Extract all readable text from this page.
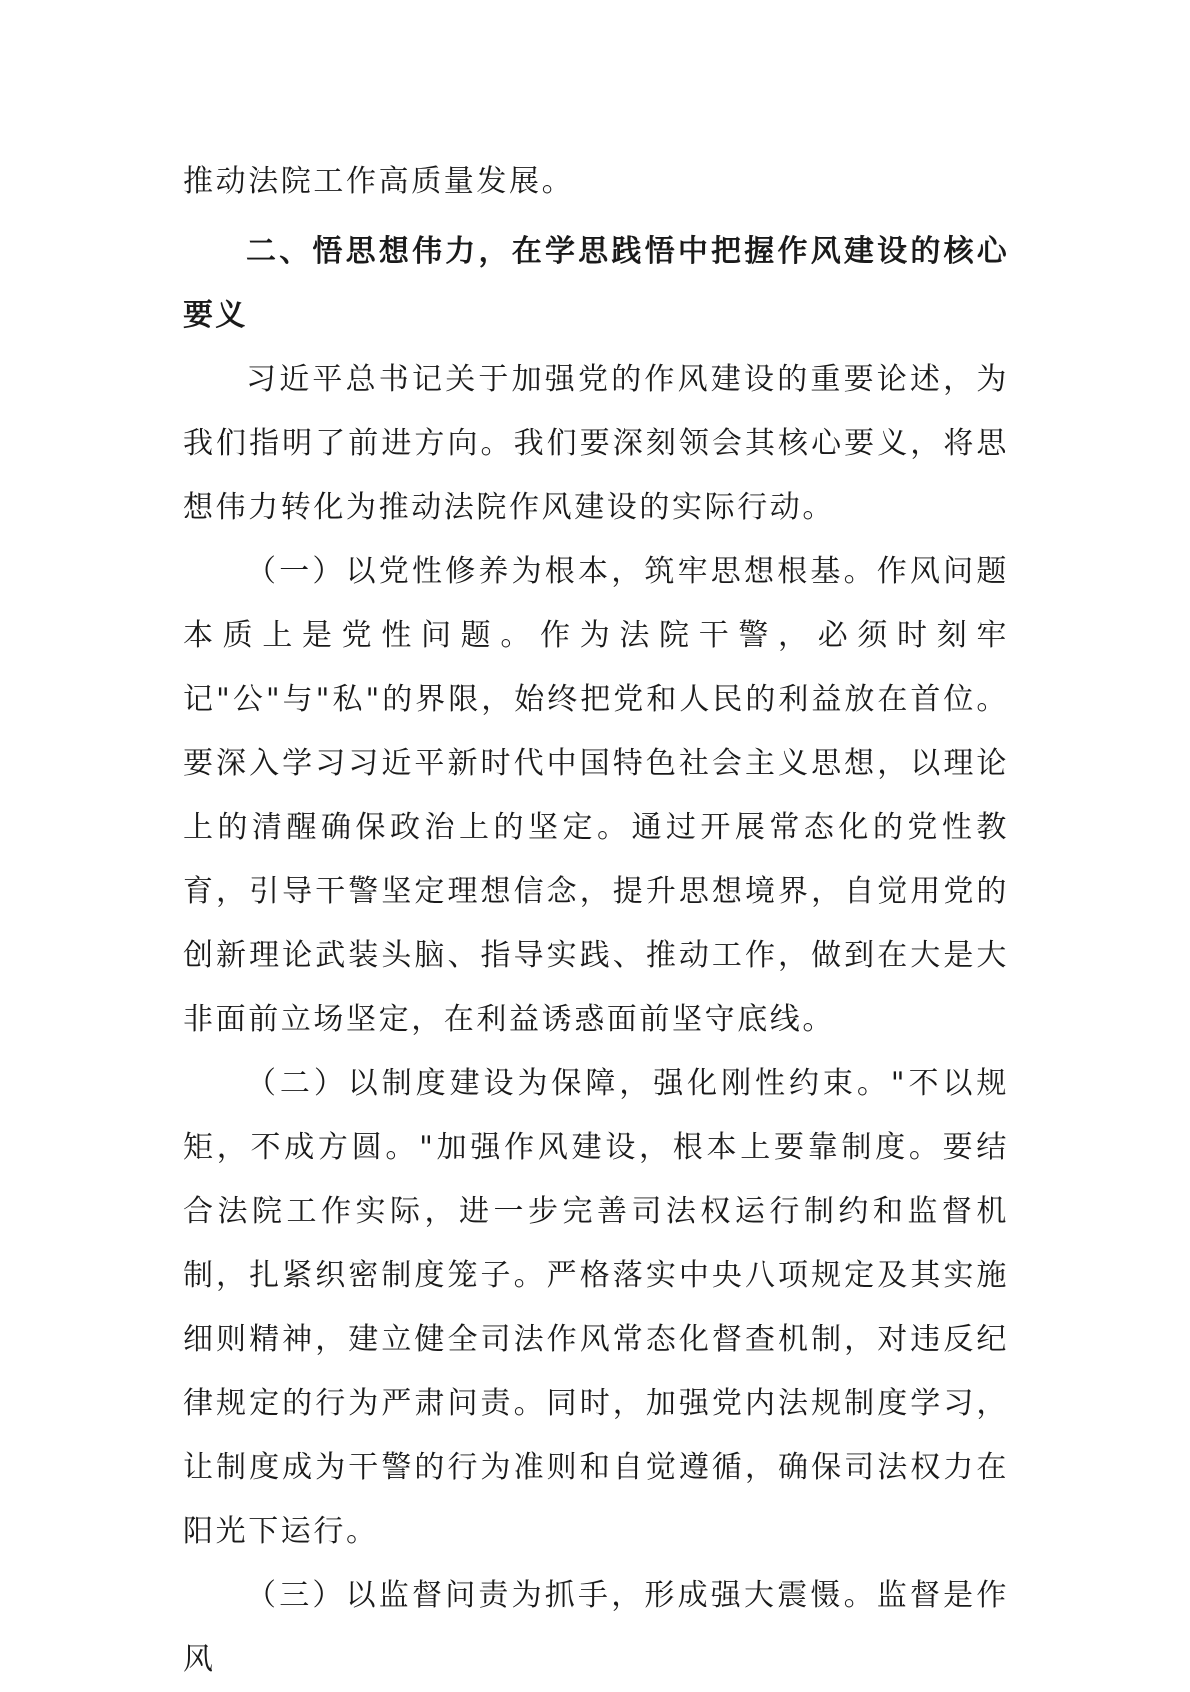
推动法院工作高质量发展。

二、悟思想伟力，在学思践悟中把握作风建设的核心要义

习近平总书记关于加强党的作风建设的重要论述，为我们指明了前进方向。我们要深刻领会其核心要义，将思想伟力转化为推动法院作风建设的实际行动。

（一）以党性修养为根本，筑牢思想根基。作风问题本质上是党性问题。作为法院干警，必须时刻牢记"公"与"私"的界限，始终把党和人民的利益放在首位。要深入学习习近平新时代中国特色社会主义思想，以理论上的清醒确保政治上的坚定。通过开展常态化的党性教育，引导干警坚定理想信念，提升思想境界，自觉用党的创新理论武装头脑、指导实践、推动工作，做到在大是大非面前立场坚定，在利益诱惑面前坚守底线。

（二）以制度建设为保障，强化刚性约束。"不以规矩，不成方圆。"加强作风建设，根本上要靠制度。要结合法院工作实际，进一步完善司法权运行制约和监督机制，扎紧织密制度笼子。严格落实中央八项规定及其实施细则精神，建立健全司法作风常态化督查机制，对违反纪律规定的行为严肃问责。同时，加强党内法规制度学习，让制度成为干警的行为准则和自觉遵循，确保司法权力在阳光下运行。

（三）以监督问责为抓手，形成强大震慑。监督是作风
